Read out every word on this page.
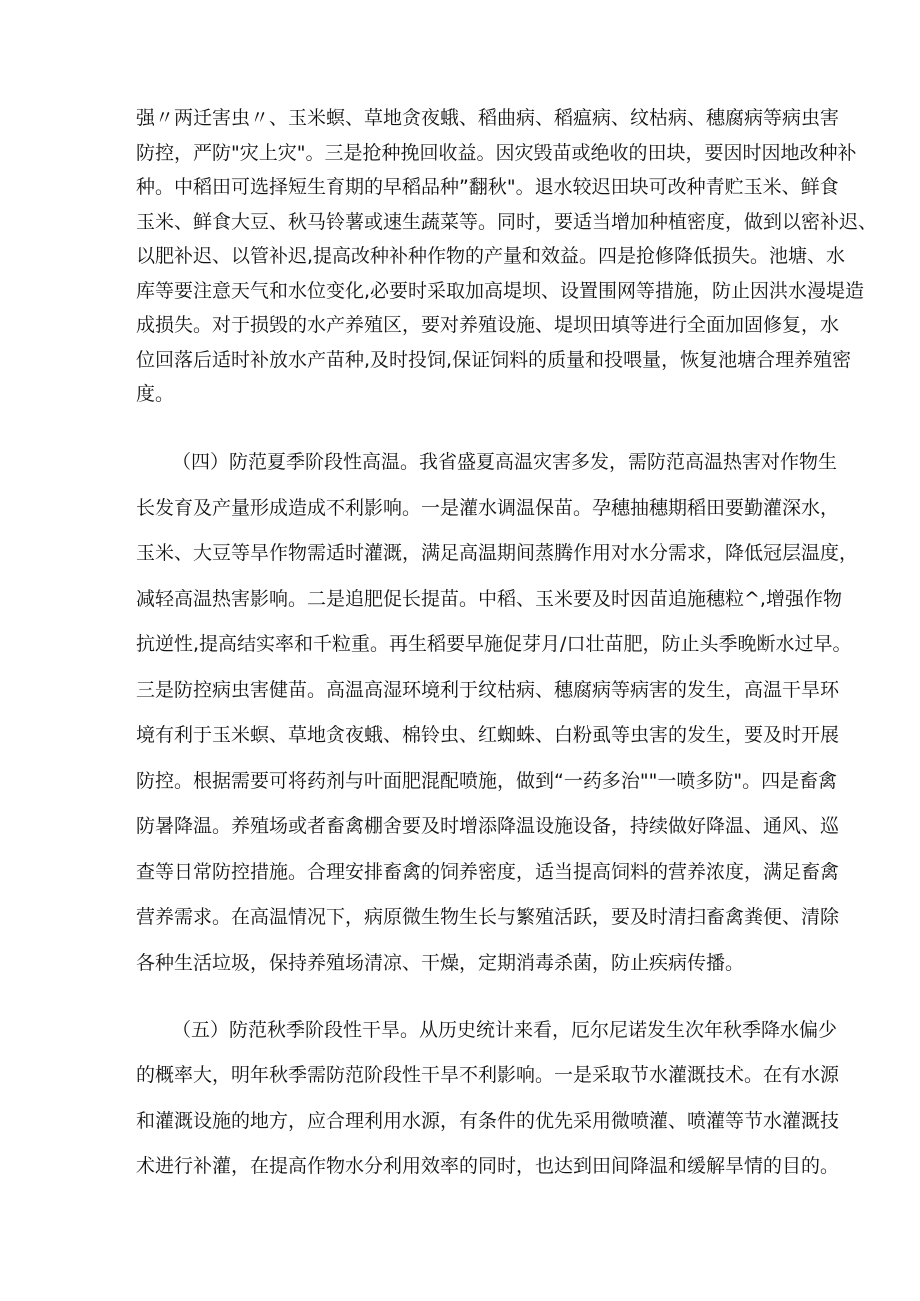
强〃两迁害虫〃、玉米螟、草地贪夜蛾、稻曲病、稻瘟病、纹枯病、穗腐病等病虫害
防控，严防"灾上灾"。三是抢种挽回收益。因灾毁苗或绝收的田块，要因时因地改种补
种。中稻田可选择短生育期的早稻品种”翻秋"。退水较迟田块可改种青贮玉米、鲜食
玉米、鲜食大豆、秋马铃薯或速生蔬菜等。同时，要适当增加种植密度，做到以密补迟、
以肥补迟、以管补迟,提高改种补种作物的产量和效益。四是抢修降低损失。池塘、水
库等要注意天气和水位变化,必要时采取加高堤坝、设置围网等措施，防止因洪水漫堤造
成损失。对于损毁的水产养殖区，要对养殖设施、堤坝田填等进行全面加固修复，水
位回落后适时补放水产苗种,及时投饲,保证饲料的质量和投喂量，恢复池塘合理养殖密
度。
（四）防范夏季阶段性高温。我省盛夏高温灾害多发，需防范高温热害对作物生
长发育及产量形成造成不利影响。一是灌水调温保苗。孕穗抽穗期稻田要勤灌深水，
玉米、大豆等旱作物需适时灌溉，满足高温期间蒸腾作用对水分需求，降低冠层温度，
减轻高温热害影响。二是追肥促长提苗。中稻、玉米要及时因苗追施穗粒^,增强作物
抗逆性,提高结实率和千粒重。再生稻要早施促芽月/口壮苗肥，防止头季晚断水过早。
三是防控病虫害健苗。高温高湿环境利于纹枯病、穗腐病等病害的发生，高温干旱环
境有利于玉米螟、草地贪夜蛾、棉铃虫、红蜘蛛、白粉虱等虫害的发生，要及时开展
防控。根据需要可将药剂与叶面肥混配喷施，做到“一药多治""一喷多防"。四是畜禽
防暑降温。养殖场或者畜禽棚舍要及时增添降温设施设备，持续做好降温、通风、巡
查等日常防控措施。合理安排畜禽的饲养密度，适当提高饲料的营养浓度，满足畜禽
营养需求。在高温情况下，病原微生物生长与繁殖活跃，要及时清扫畜禽粪便、清除
各种生活垃圾，保持养殖场清凉、干燥，定期消毒杀菌，防止疾病传播。
（五）防范秋季阶段性干旱。从历史统计来看，厄尔尼诺发生次年秋季降水偏少
的概率大，明年秋季需防范阶段性干旱不利影响。一是采取节水灌溉技术。在有水源
和灌溉设施的地方，应合理利用水源，有条件的优先采用微喷灌、喷灌等节水灌溉技
术进行补灌，在提高作物水分利用效率的同时，也达到田间降温和缓解旱情的目的。
